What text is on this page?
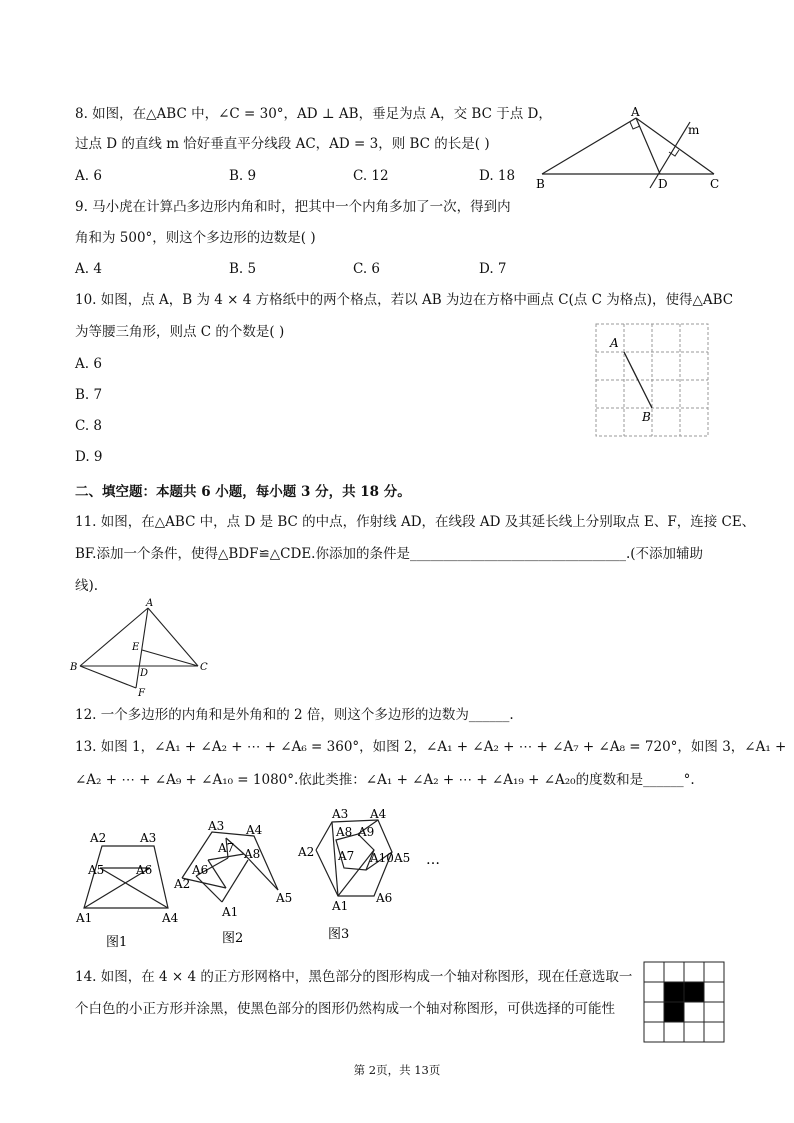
8. 如图，在△ABC 中，∠C = 30°，AD ⊥ AB，垂足为点 A，交 BC 于点 D，
过点 D 的直线 m 恰好垂直平分线段 AC，AD = 3，则 BC 的长是( )
A. 6	B. 9	C. 12	D. 18
A
B	C
D
m
9. 马小虎在计算凸多边形内角和时，把其中一个内角多加了一次，得到内
角和为 500°，则这个多边形的边数是( )
A. 4	B. 5	C. 6	D. 7
10. 如图，点 A，B 为 4 × 4 方格纸中的两个格点，若以 AB 为边在方格中画点 C(点 C 为格点)，使得△ABC
为等腰三角形，则点 C 的个数是( )
A. 6
B. 7
C. 8
D. 9
A
B
二、填空题：本题共 6 小题，每小题 3 分，共 18 分。
11. 如图，在△ABC 中，点 D 是 BC 的中点，作射线 AD，在线段 AD 及其延长线上分别取点 E、F，连接 CE、
BF.添加一个条件，使得△BDF≌△CDE.你添加的条件是________________________________.(不添加辅助
线).
A
B	C
D
E
F
12. 一个多边形的内角和是外角和的 2 倍，则这个多边形的边数为______.
13. 如图 1，∠A₁ + ∠A₂ + ⋯ + ∠A₆ = 360°，如图 2，∠A₁ + ∠A₂ + ⋯ + ∠A₇ + ∠A₈ = 720°，如图 3，∠A₁ +
∠A₂ + ⋯ + ∠A₉ + ∠A₁₀ = 1080°.依此类推：∠A₁ + ∠A₂ + ⋯ + ∠A₁₉ + ∠A₂₀的度数和是______°.
A2	A3
A5	A6
A1	A4
图1
A3 A4
A7 A8
A6
A2
A1
A5
图2
A3 A4
A8 A9
A2 A7 A10 A5
A1
A6
…
图3
14. 如图，在 4 × 4 的正方形网格中，黑色部分的图形构成一个轴对称图形，现在任意选取一
个白色的小正方形并涂黑，使黑色部分的图形仍然构成一个轴对称图形，可供选择的可能性
第 2页，共 13页
